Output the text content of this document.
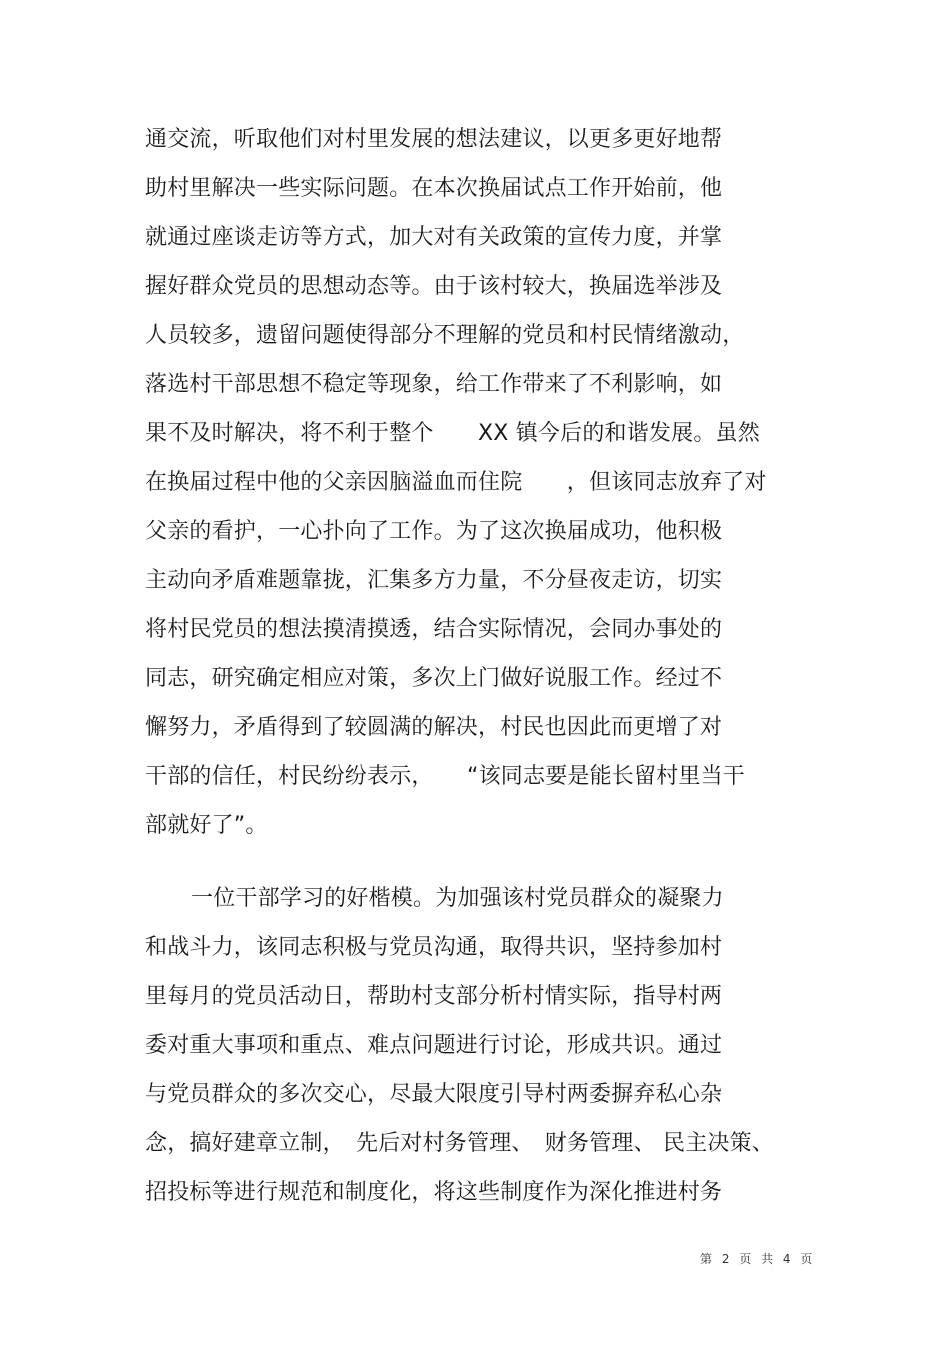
通交流，听取他们对村里发展的想法建议，以更多更好地帮
助村里解决一些实际问题。在本次换届试点工作开始前，他
就通过座谈走访等方式，加大对有关政策的宣传力度，并掌
握好群众党员的思想动态等。由于该村较大，换届选举涉及
人员较多，遗留问题使得部分不理解的党员和村民情绪激动，
落选村干部思想不稳定等现象，给工作带来了不利影响，如
果不及时解决，将不利于整个　　XX 镇今后的和谐发展。虽然
在换届过程中他的父亲因脑溢血而住院　　，但该同志放弃了对
父亲的看护，一心扑向了工作。为了这次换届成功，他积极
主动向矛盾难题靠拢，汇集多方力量，不分昼夜走访，切实
将村民党员的想法摸清摸透，结合实际情况，会同办事处的
同志，研究确定相应对策，多次上门做好说服工作。经过不
懈努力，矛盾得到了较圆满的解决，村民也因此而更增了对
干部的信任，村民纷纷表示，　　“该同志要是能长留村里当干
部就好了”。
一位干部学习的好楷模。为加强该村党员群众的凝聚力
和战斗力，该同志积极与党员沟通，取得共识，坚持参加村
里每月的党员活动日，帮助村支部分析村情实际，指导村两
委对重大事项和重点、难点问题进行讨论，形成共识。通过
与党员群众的多次交心，尽最大限度引导村两委摒弃私心杂
念，搞好建章立制，　先后对村务管理、　财务管理、 民主决策、
招投标等进行规范和制度化，将这些制度作为深化推进村务
第 2 页 共 4 页
